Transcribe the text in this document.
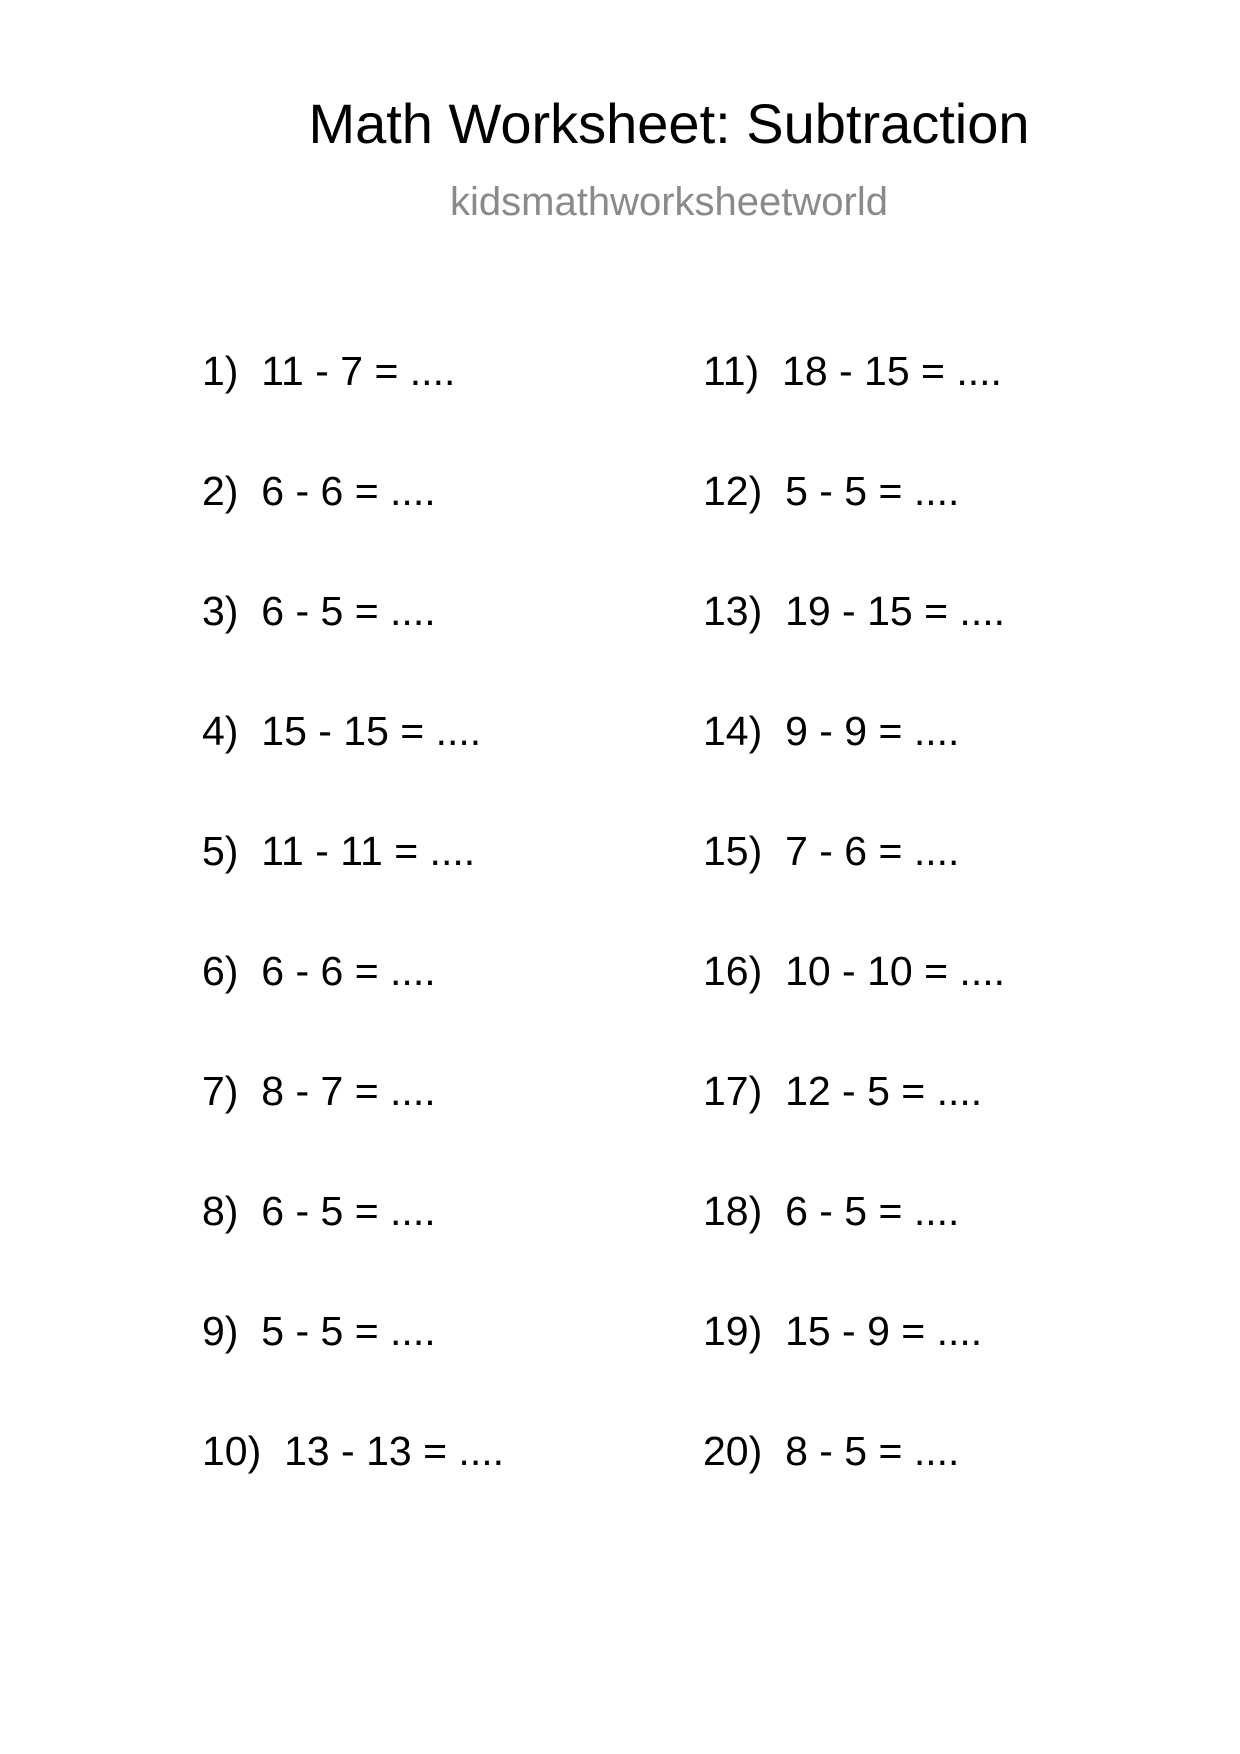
Math Worksheet: Subtraction
kidsmathworksheetworld
1) 11 - 7 = ....
2) 6 - 6 = ....
3) 6 - 5 = ....
4) 15 - 15 = ....
5) 11 - 11 = ....
6) 6 - 6 = ....
7) 8 - 7 = ....
8) 6 - 5 = ....
9) 5 - 5 = ....
10) 13 - 13 = ....
11) 18 - 15 = ....
12) 5 - 5 = ....
13) 19 - 15 = ....
14) 9 - 9 = ....
15) 7 - 6 = ....
16) 10 - 10 = ....
17) 12 - 5 = ....
18) 6 - 5 = ....
19) 15 - 9 = ....
20) 8 - 5 = ....
